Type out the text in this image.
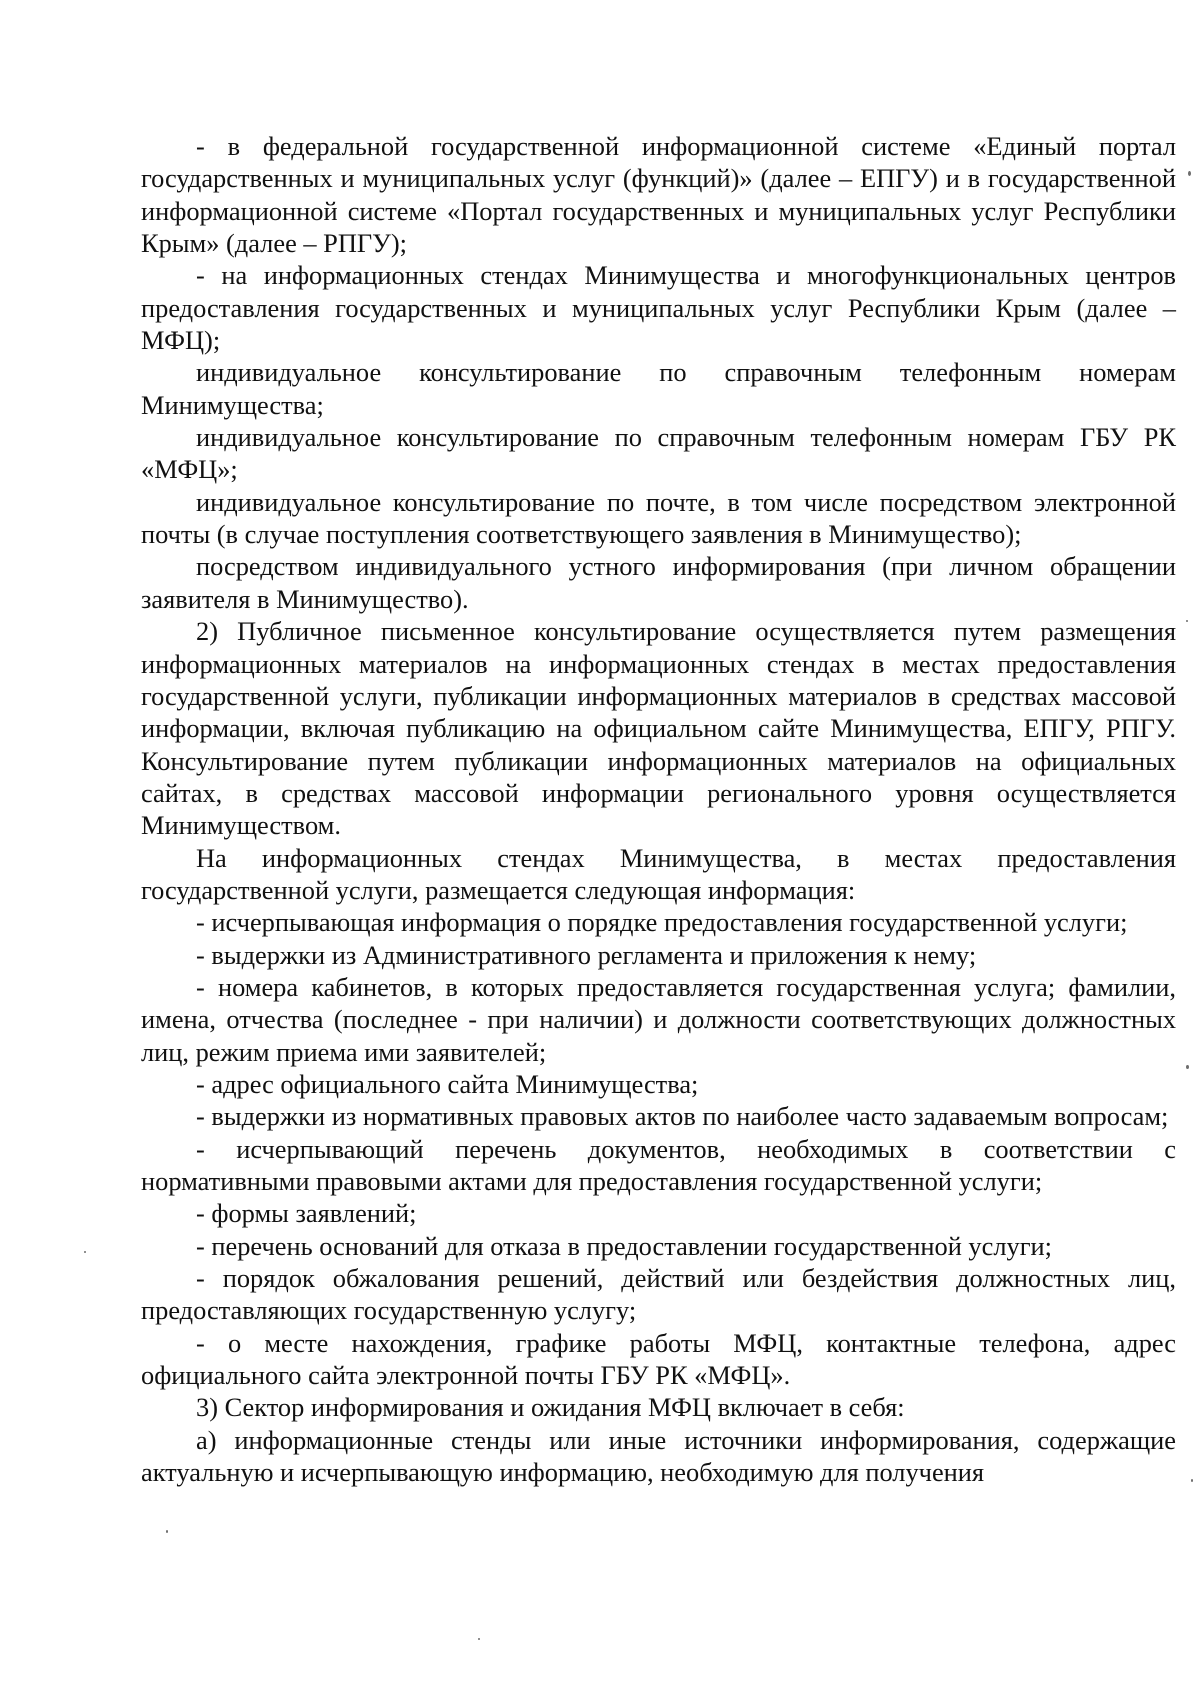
- в федеральной государственной информационной системе «Единый портал государственных и муниципальных услуг (функций)» (далее – ЕПГУ) и в государственной информационной системе «Портал государственных и муниципальных услуг Республики Крым» (далее – РПГУ);

- на информационных стендах Минимущества и многофункциональных центров предоставления государственных и муниципальных услуг Республики Крым (далее – МФЦ);

индивидуальное консультирование по справочным телефонным номерам Минимущества;

индивидуальное консультирование по справочным телефонным номерам ГБУ РК «МФЦ»;

индивидуальное консультирование по почте, в том числе посредством электронной почты (в случае поступления соответствующего заявления в Минимущество);

посредством индивидуального устного информирования (при личном обращении заявителя в Минимущество).

2) Публичное письменное консультирование осуществляется путем размещения информационных материалов на информационных стендах в местах предоставления государственной услуги, публикации информационных материалов в средствах массовой информации, включая публикацию на официальном сайте Минимущества, ЕПГУ, РПГУ. Консультирование путем публикации информационных материалов на официальных сайтах, в средствах массовой информации регионального уровня осуществляется Минимуществом.

На информационных стендах Минимущества, в местах предоставления государственной услуги, размещается следующая информация:

- исчерпывающая информация о порядке предоставления государственной услуги;

- выдержки из Административного регламента и приложения к нему;

- номера кабинетов, в которых предоставляется государственная услуга; фамилии, имена, отчества (последнее - при наличии) и должности соответствующих должностных лиц, режим приема ими заявителей;

- адрес официального сайта Минимущества;

- выдержки из нормативных правовых актов по наиболее часто задаваемым вопросам;

- исчерпывающий перечень документов, необходимых в соответствии с нормативными правовыми актами для предоставления государственной услуги;

- формы заявлений;

- перечень оснований для отказа в предоставлении государственной услуги;

- порядок обжалования решений, действий или бездействия должностных лиц, предоставляющих государственную услугу;

- о месте нахождения, графике работы МФЦ, контактные телефона, адрес официального сайта электронной почты ГБУ РК «МФЦ».

3) Сектор информирования и ожидания МФЦ включает в себя:

а) информационные стенды или иные источники информирования, содержащие актуальную и исчерпывающую информацию, необходимую для получения
